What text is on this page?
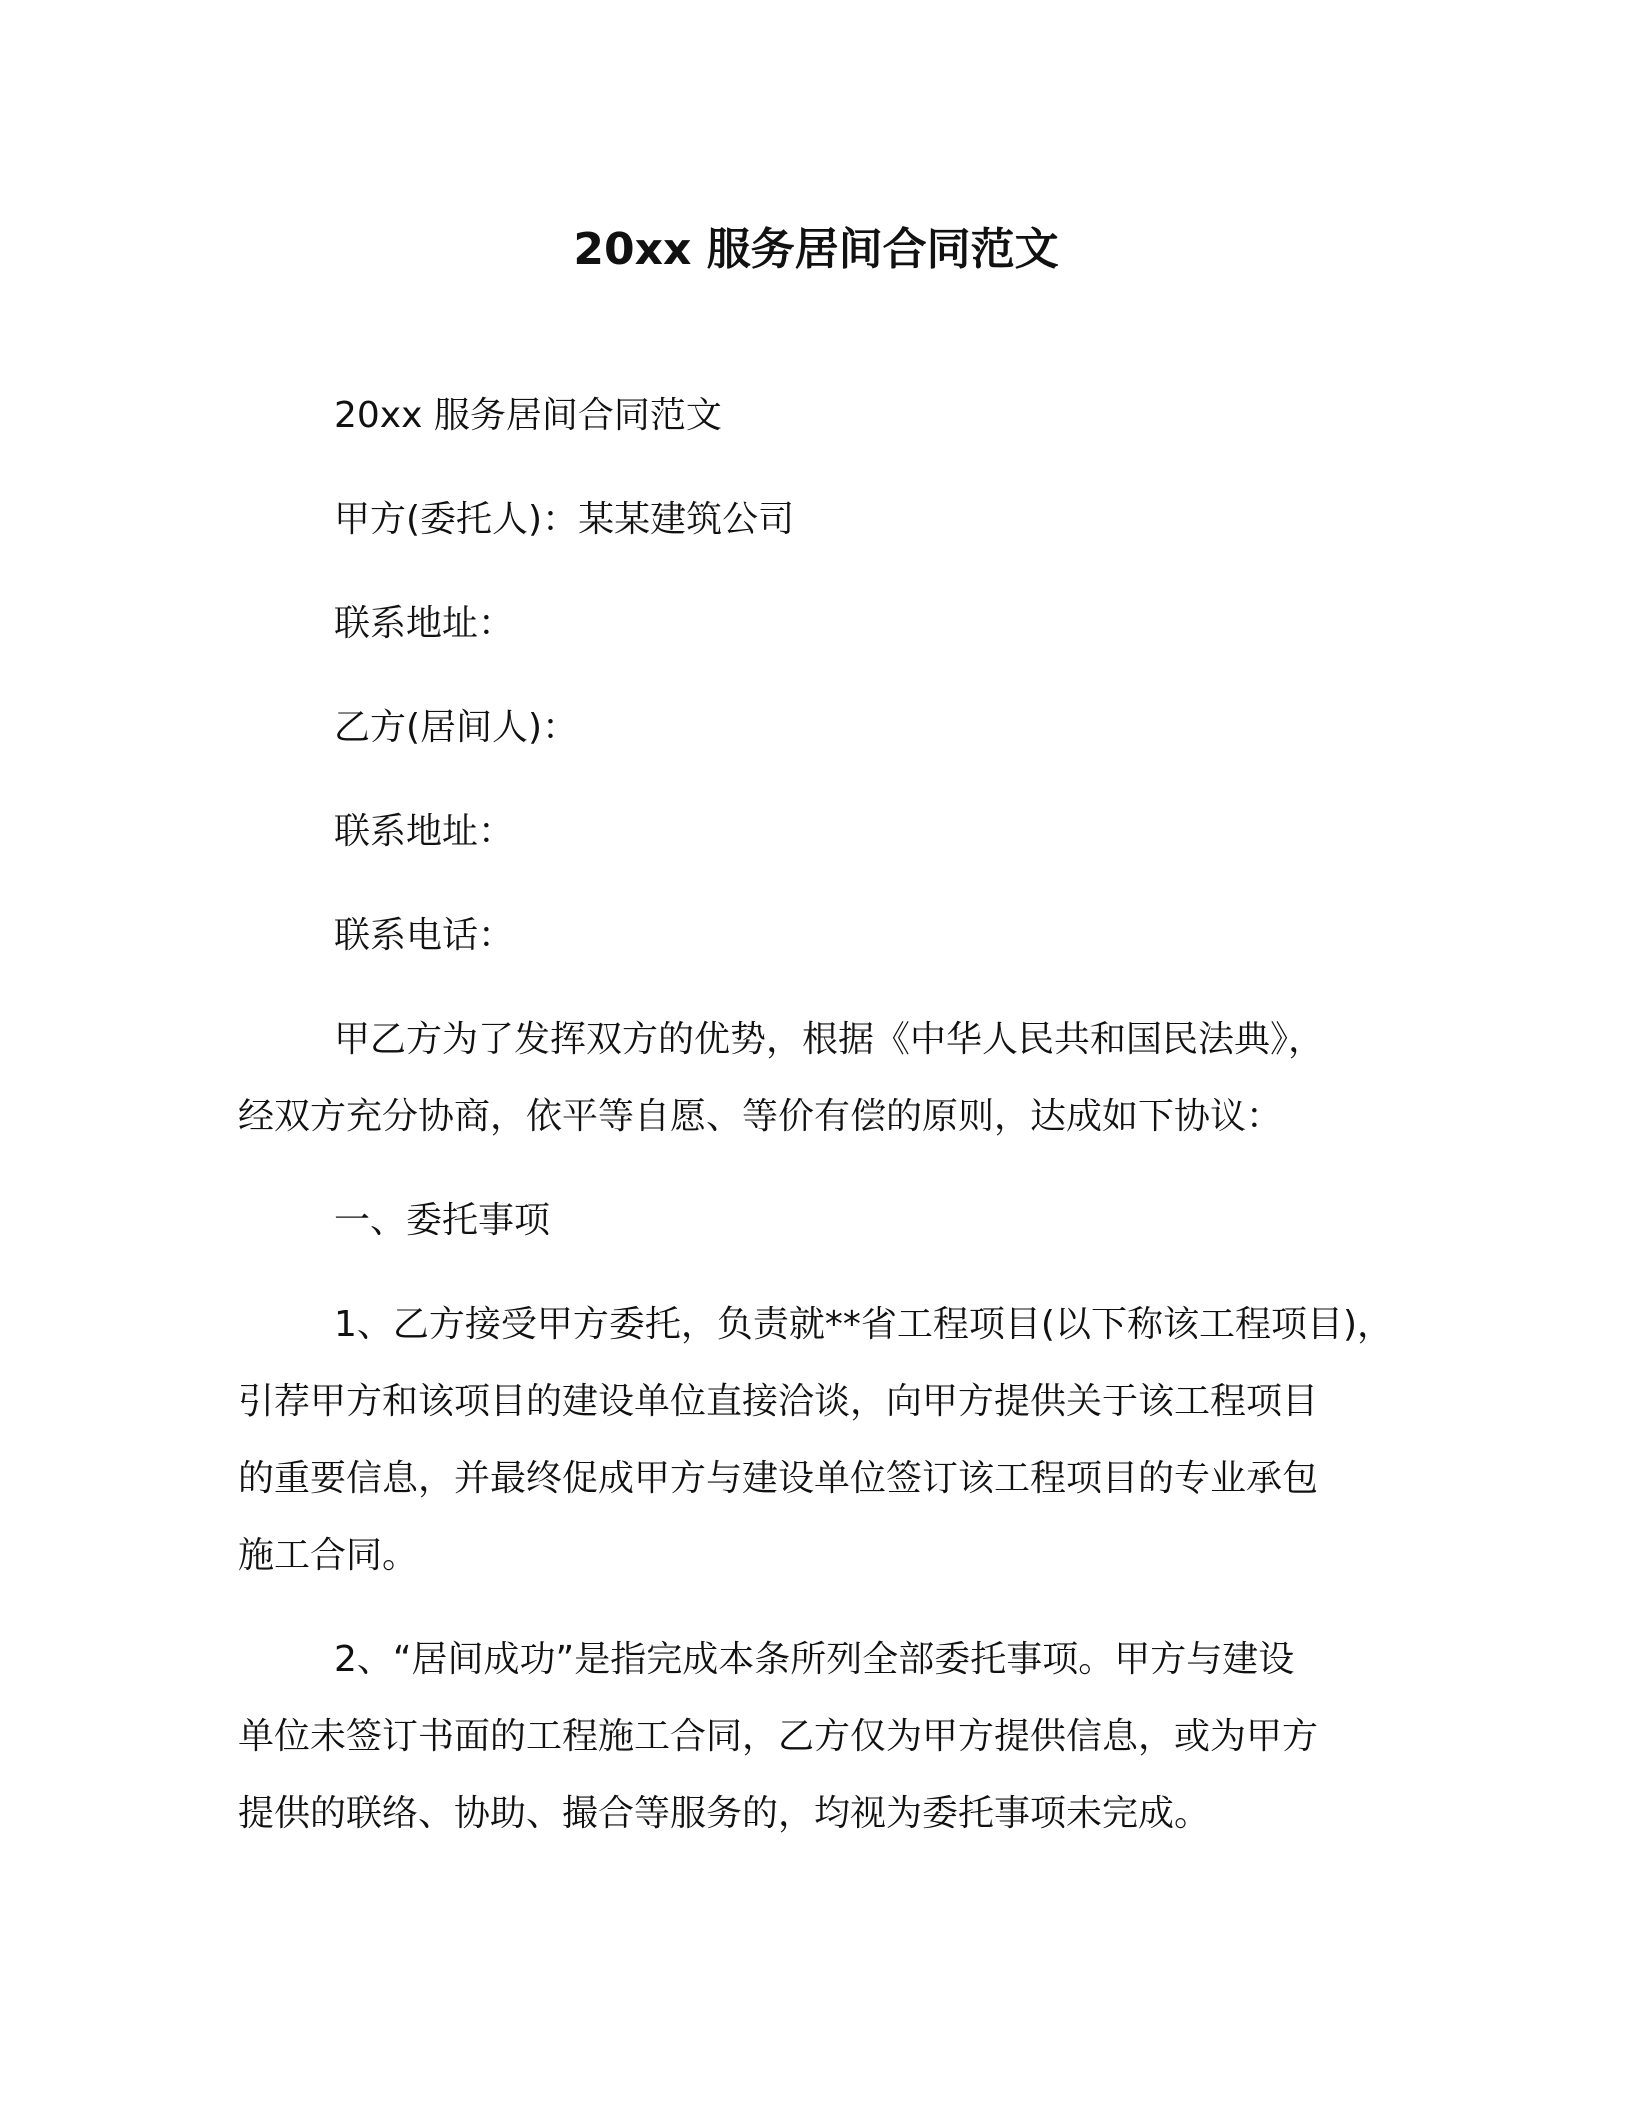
20xx 服务居间合同范文

20xx 服务居间合同范文

甲方(委托人)：某某建筑公司

联系地址：

乙方(居间人)：

联系地址：

联系电话：

甲乙方为了发挥双方的优势，根据《中华人民共和国民法典》，

经双方充分协商，依平等自愿、等价有偿的原则，达成如下协议：

一、委托事项

1、乙方接受甲方委托，负责就**省工程项目(以下称该工程项目)，

引荐甲方和该项目的建设单位直接洽谈，向甲方提供关于该工程项目

的重要信息，并最终促成甲方与建设单位签订该工程项目的专业承包

施工合同。

2、“居间成功”是指完成本条所列全部委托事项。甲方与建设

单位未签订书面的工程施工合同，乙方仅为甲方提供信息，或为甲方

提供的联络、协助、撮合等服务的，均视为委托事项未完成。
